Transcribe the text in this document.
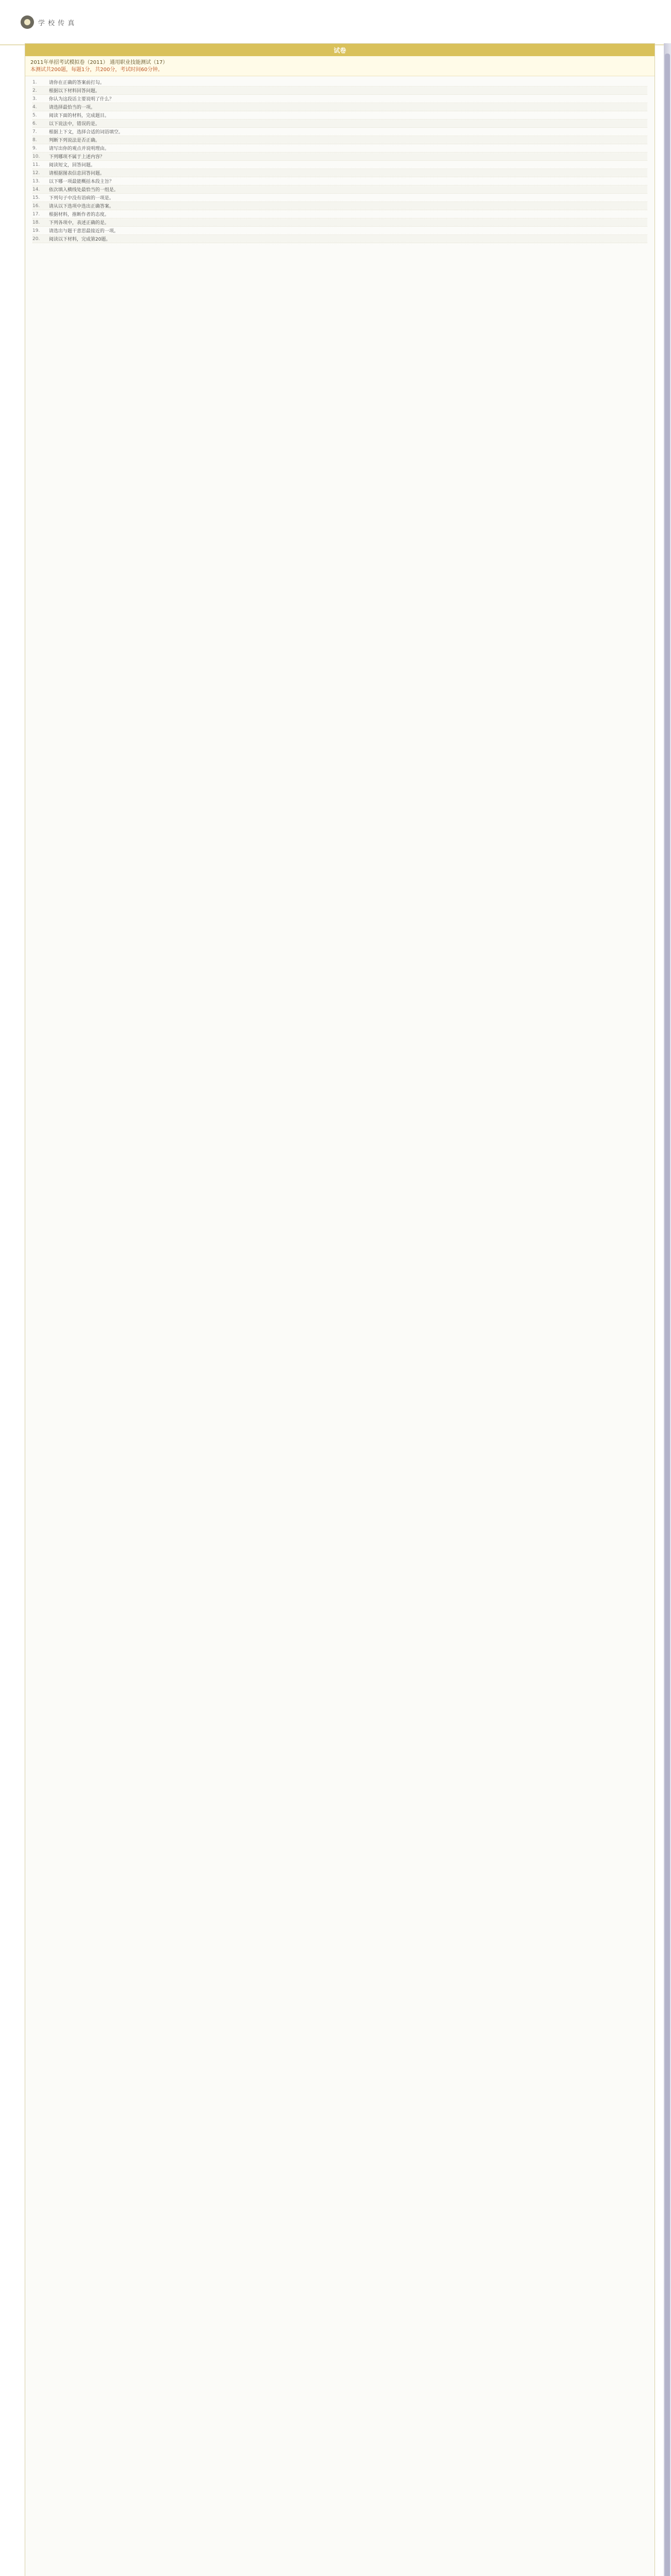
学 校 传 真
试卷
2011年单招考试模拟卷（2011） 通用职业技能测试（17）
本测试共200题，每题1分，共200分，考试时间60分钟。
1.	请你在正确的答案前打勾。
2.	根据以下材料回答问题。
3.	你认为这段话主要说明了什么？
4.	请选择最恰当的一项。
5.	阅读下面的材料，完成题目。
6.	以下说法中，错误的是。
7.	根据上下文，选择合适的词语填空。
8.	判断下列说法是否正确。
9.	请写出你的观点并说明理由。
10.	下列哪项不属于上述内容？
11.	阅读短文，回答问题。
12.	请根据图表信息回答问题。
13.	以下哪一项最能概括本段主旨？
14.	依次填入横线处最恰当的一组是。
15.	下列句子中没有语病的一项是。
16.	请从以下选项中选出正确答案。
17.	根据材料，推断作者的态度。
18.	下列各项中，表述正确的是。
19.	请选出与题干意思最接近的一项。
20.	阅读以下材料，完成第20题。
